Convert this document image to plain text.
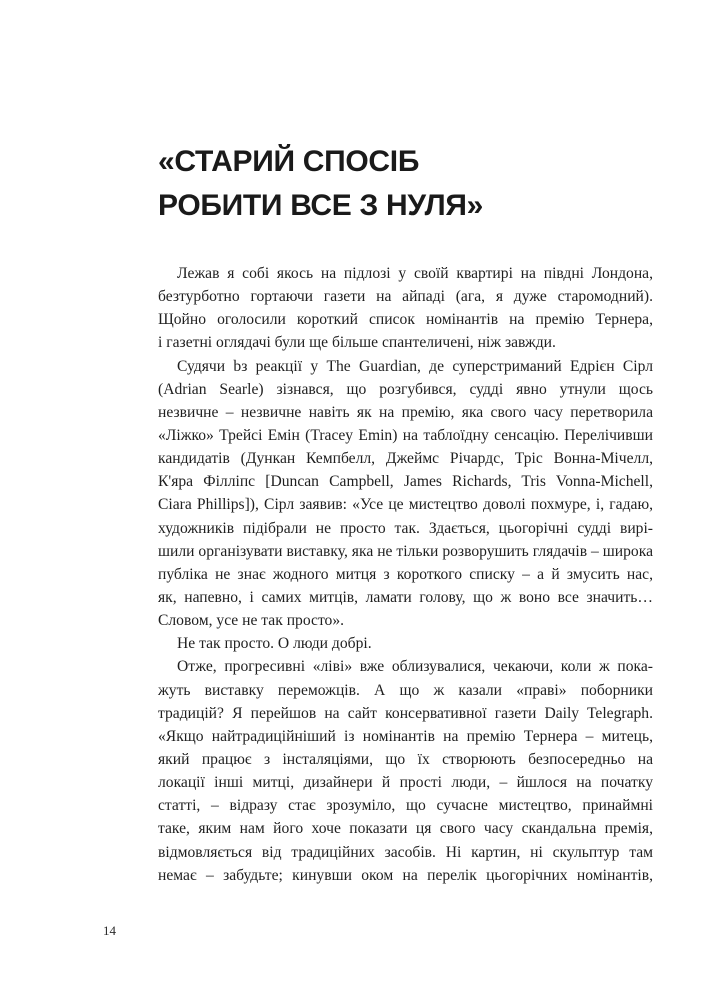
«СТАРИЙ СПОСІБ
РОБИТИ ВСЕ З НУЛЯ»
Лежав я собі якось на підлозі у своїй квартирі на півдні Лондона,
безтурботно гортаючи газети на айпаді (ага, я дуже старомодний).
Щойно оголосили короткий список номінантів на премію Тернера,
і газетні оглядачі були ще більше спантеличені, ніж завжди.
Судячи bз реакції у The Guardian, де суперстриманий Едрієн Сірл
(Adrian Searle) зізнався, що розгубився, судді явно утнули щось
незвичне – незвичне навіть як на премію, яка свого часу перетворила
«Ліжко» Трейсі Емін (Tracey Emin) на таблоїдну сенсацію. Перелічивши
кандидатів (Дункан Кемпбелл, Джеймс Річардс, Тріс Вонна-Мічелл,
К'яра Філліпс [Duncan Campbell, James Richards, Tris Vonna-Michell,
Ciara Phillips]), Сірл заявив: «Усе це мистецтво доволі похмуре, і, гадаю,
художників підібрали не просто так. Здається, цьогорічні судді вирі-
шили організувати виставку, яка не тільки розворушить глядачів – широка
публіка не знає жодного митця з короткого списку – а й змусить нас,
як, напевно, і самих митців, ламати голову, що ж воно все значить…
Словом, усе не так просто».
Не так просто. О люди добрі.
Отже, прогресивні «ліві» вже облизувалися, чекаючи, коли ж пока-
жуть виставку переможців. А що ж казали «праві» поборники
традицій? Я перейшов на сайт консервативної газети Daily Telegraph.
«Якщо найтрадиційніший із номінантів на премію Тернера – митець,
який працює з інсталяціями, що їх створюють безпосередньо на
локації інші митці, дизайнери й прості люди, – йшлося на початку
статті, – відразу стає зрозуміло, що сучасне мистецтво, принаймні
таке, яким нам його хоче показати ця свого часу скандальна премія,
відмовляється від традиційних засобів. Ні картин, ні скульптур там
немає – забудьте; кинувши оком на перелік цьогорічних номінантів,
14
